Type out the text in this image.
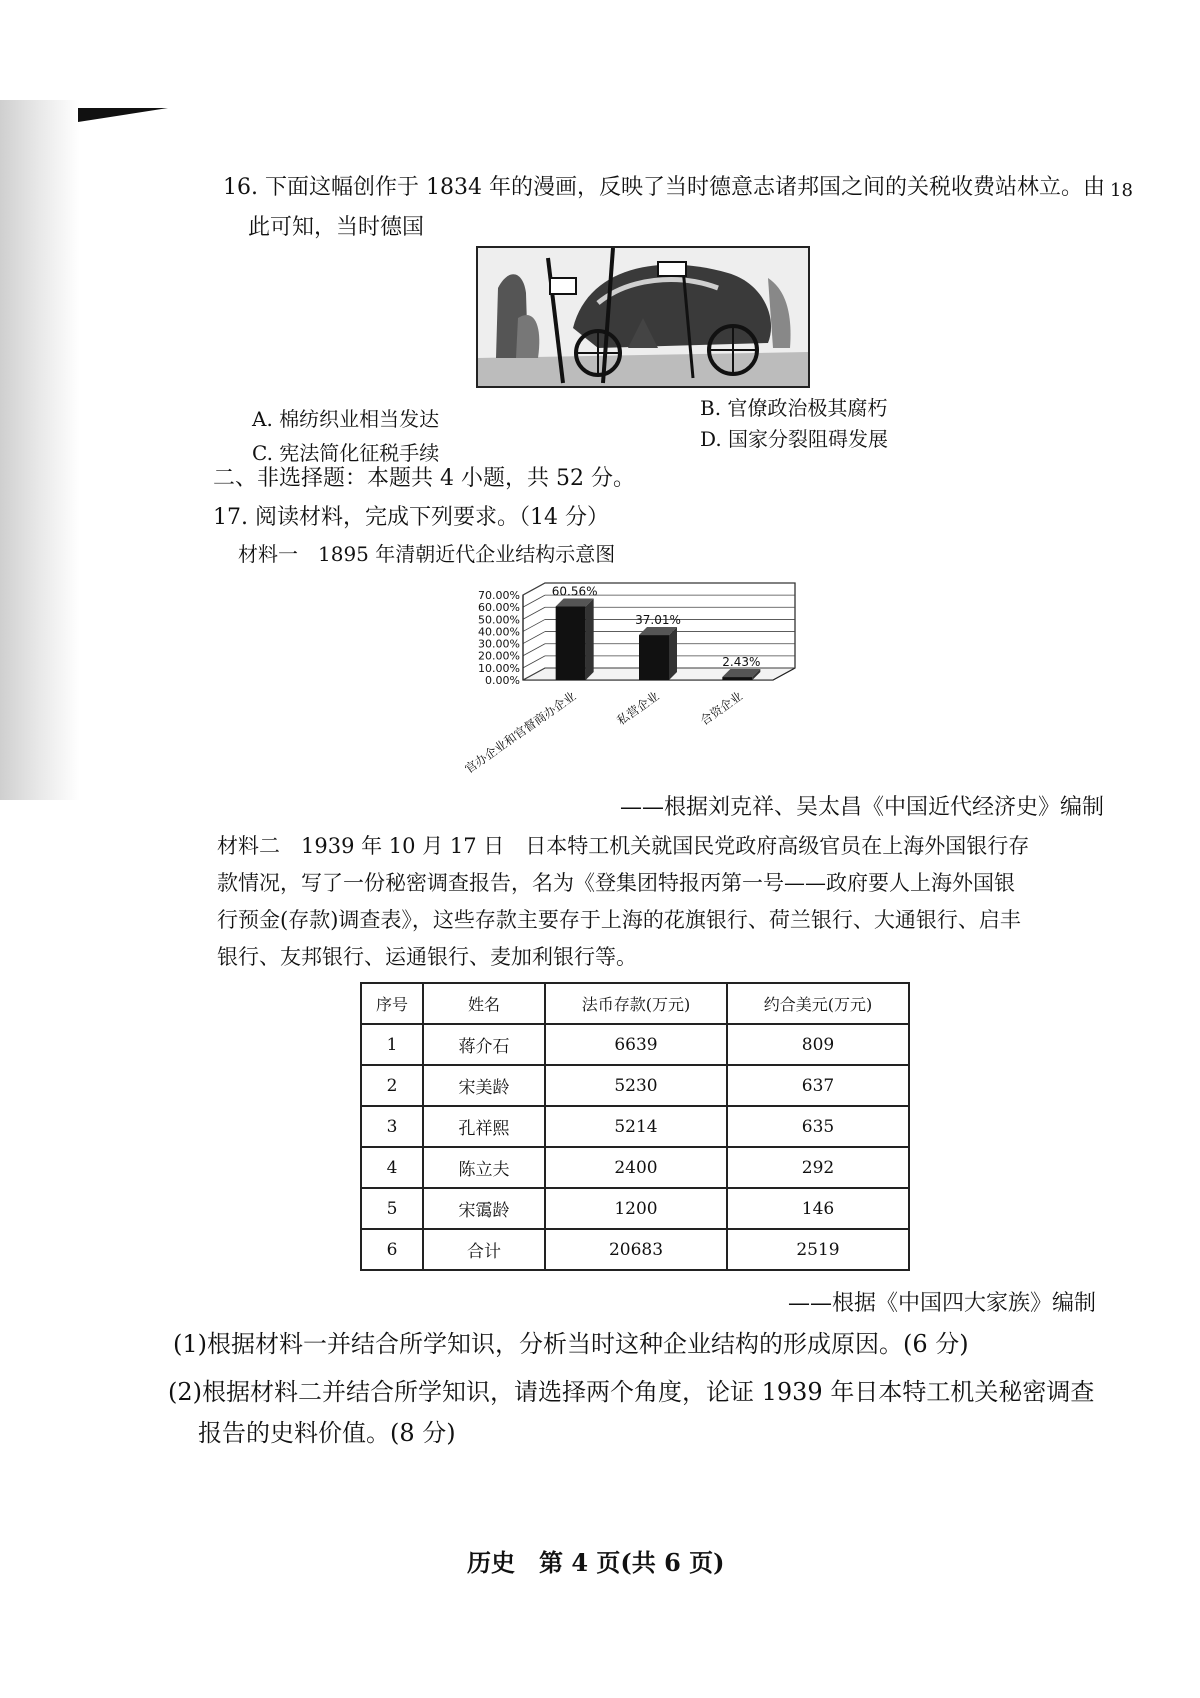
18
16. 下面这幅创作于 1834 年的漫画，反映了当时德意志诸邦国之间的关税收费站林立。由
此可知，当时德国
A. 棉纺织业相当发达	B. 官僚政治极其腐朽
C. 宪法简化征税手续
D. 国家分裂阻碍发展
二、非选择题：本题共 4 小题，共 52 分。
17. 阅读材料，完成下列要求。（14 分）
材料一　1895 年清朝近代企业结构示意图
0.00%
10.00%
20.00%
30.00%
40.00%
50.00%
60.00%
70.00%	60.56%
官办企业和官督商办企业
37.01%
私营企业
2.43%
合资企业
——根据刘克祥、吴太昌《中国近代经济史》编制
材料二　1939 年 10 月 17 日　日本特工机关就国民党政府高级官员在上海外国银行存
款情况，写了一份秘密调查报告，名为《登集团特报丙第一号——政府要人上海外国银
行预金(存款)调查表》，这些存款主要存于上海的花旗银行、荷兰银行、大通银行、启丰
银行、友邦银行、运通银行、麦加利银行等。
序号	姓名	法币存款(万元)	约合美元(万元)
1	蒋介石	6639	809
2	宋美龄	5230	637
3	孔祥熙	5214	635
4	陈立夫	2400	292
5	宋霭龄	1200	146
6	合计	20683	2519
——根据《中国四大家族》编制
(1)根据材料一并结合所学知识，分析当时这种企业结构的形成原因。(6 分)
(2)根据材料二并结合所学知识，请选择两个角度，论证 1939 年日本特工机关秘密调查
报告的史料价值。(8 分)
历史　第 4 页(共 6 页)
